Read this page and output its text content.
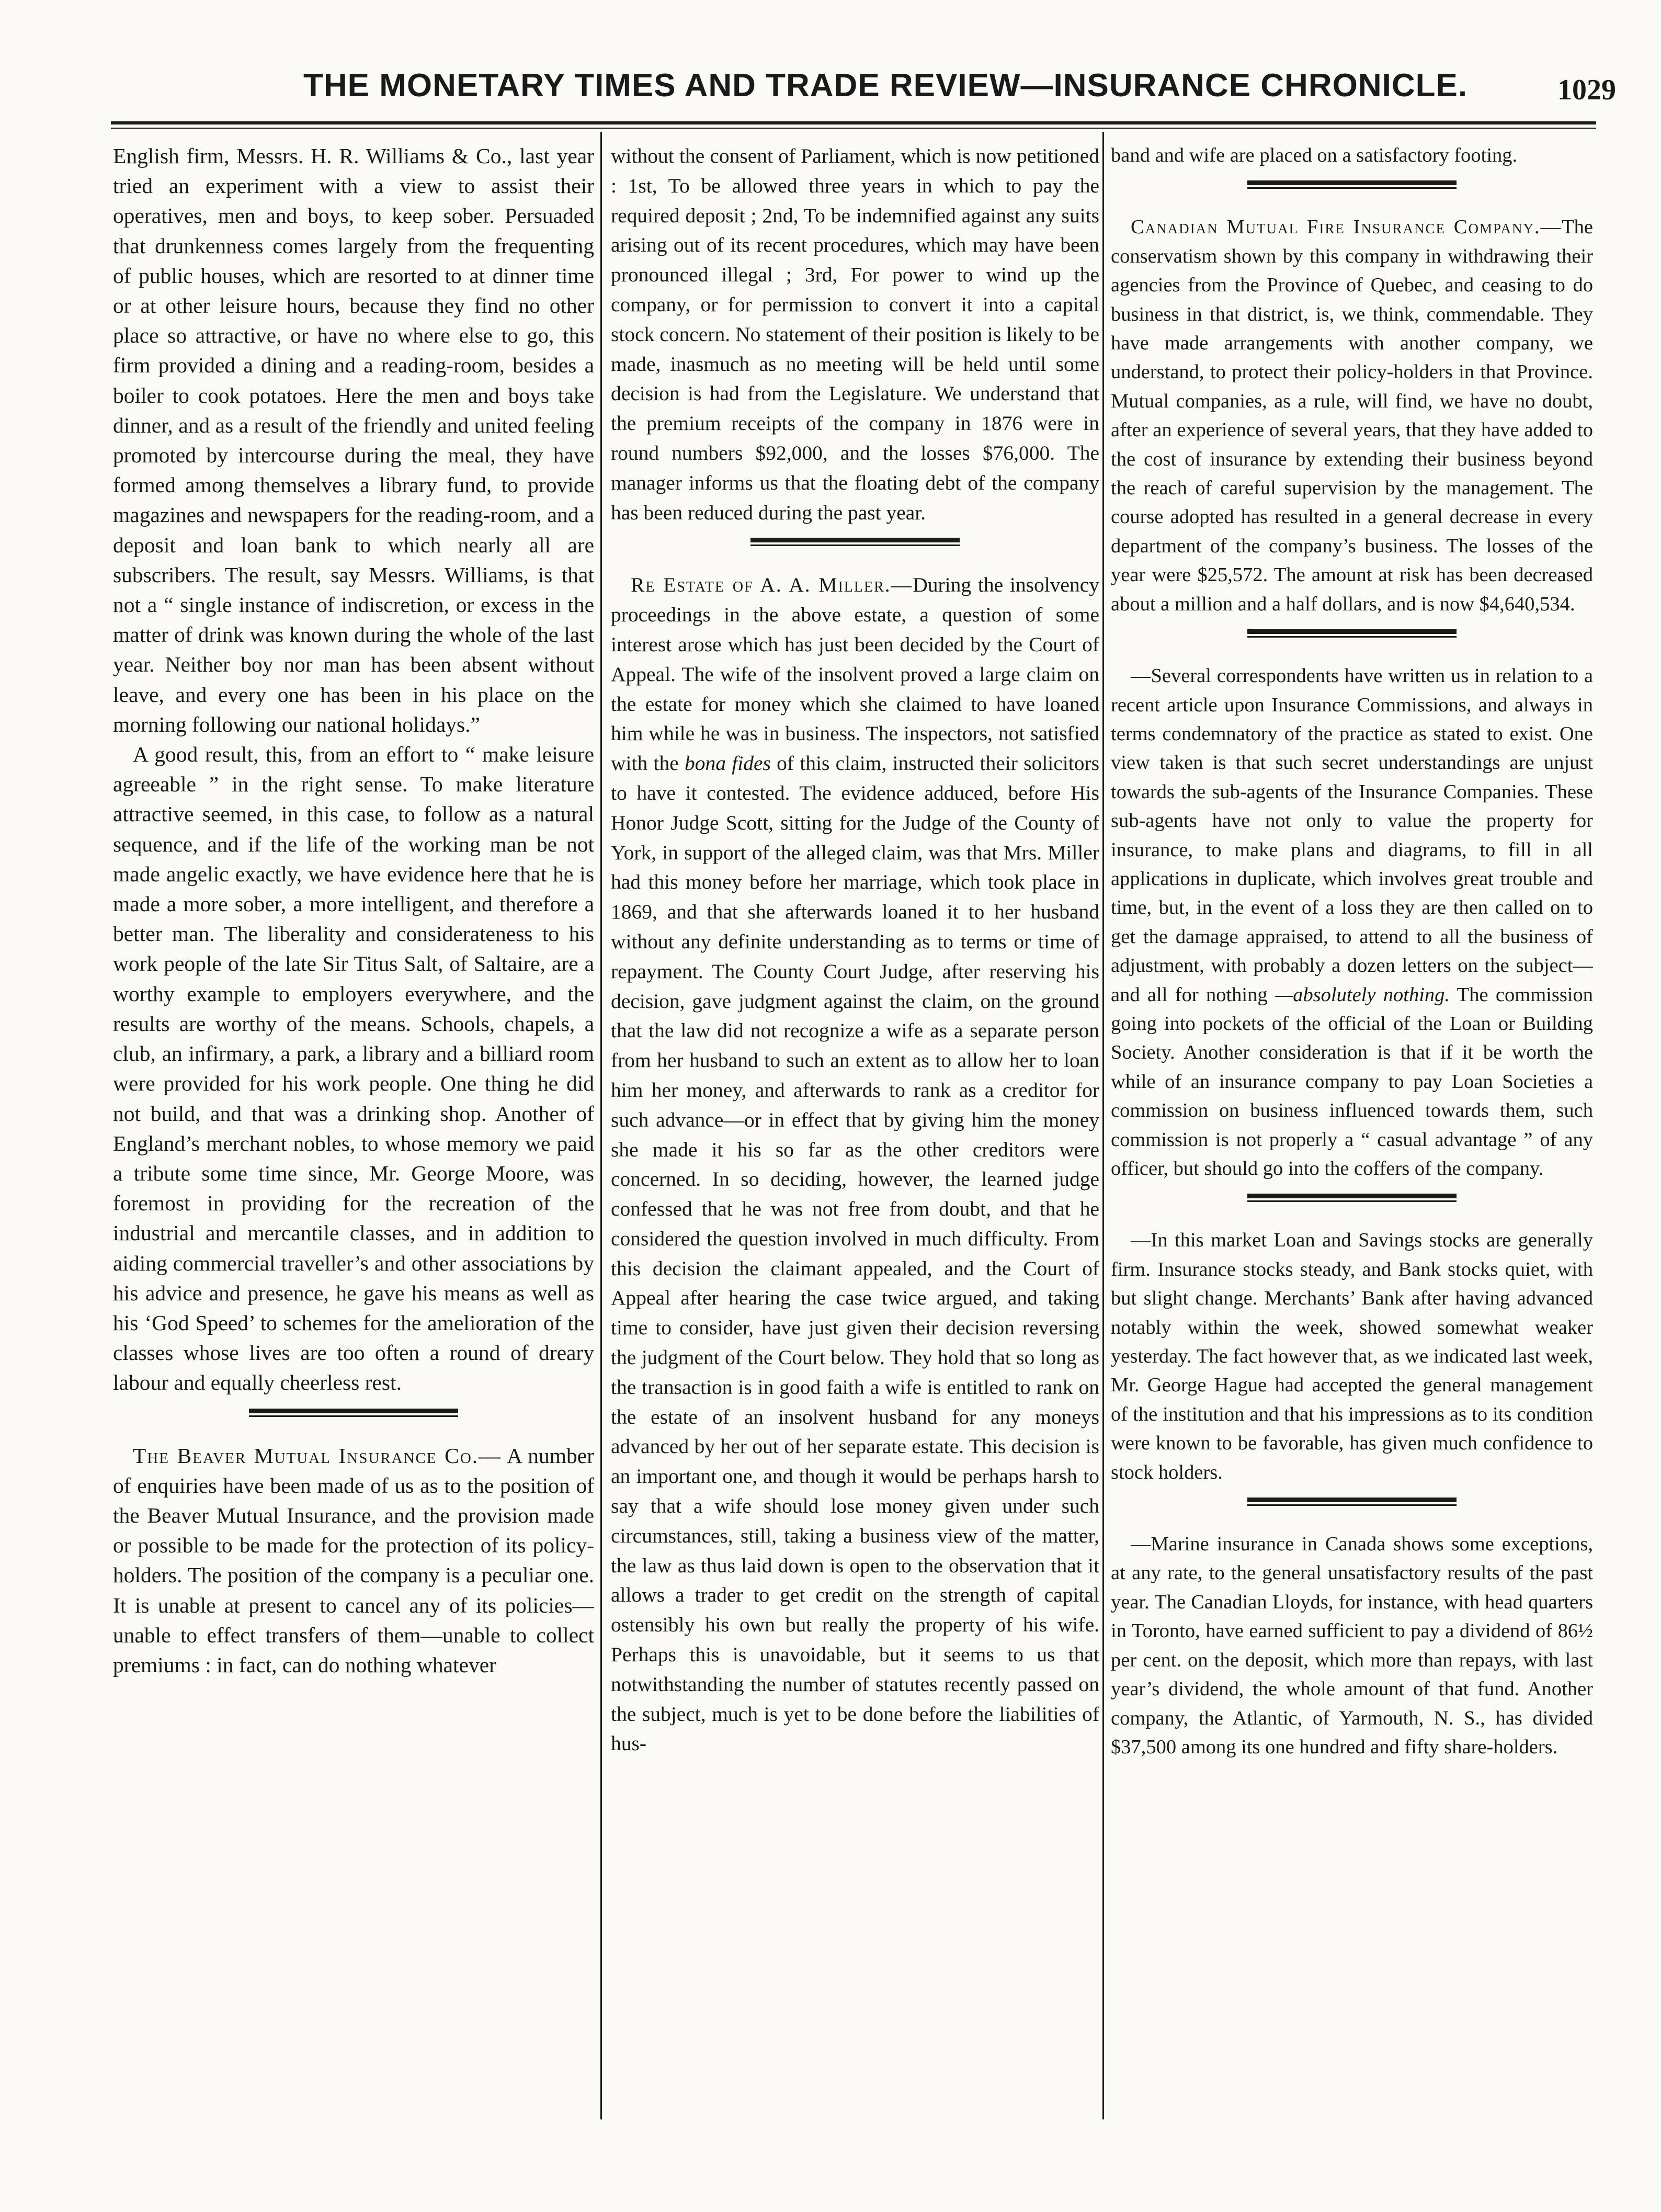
THE MONETARY TIMES AND TRADE REVIEW—INSURANCE CHRONICLE.	1029

English firm, Messrs. H. R. Williams & Co., last year tried an experiment with a view to assist their operatives, men and boys, to keep sober. Persuaded that drunkenness comes largely from the frequenting of public houses, which are resorted to at dinner time or at other leisure hours, because they find no other place so attractive, or have no where else to go, this firm provided a dining and a reading-room, besides a boiler to cook potatoes. Here the men and boys take dinner, and as a result of the friendly and united feeling promoted by intercourse during the meal, they have formed among themselves a library fund, to provide magazines and newspapers for the reading-room, and a deposit and loan bank to which nearly all are subscribers. The result, say Messrs. Williams, is that not a “ single instance of indiscretion, or excess in the matter of drink was known during the whole of the last year. Neither boy nor man has been absent without leave, and every one has been in his place on the morning following our national holidays.”

A good result, this, from an effort to “ make leisure agreeable ” in the right sense. To make literature attractive seemed, in this case, to follow as a natural sequence, and if the life of the working man be not made angelic exactly, we have evidence here that he is made a more sober, a more intelligent, and therefore a better man. The liberality and considerateness to his work people of the late Sir Titus Salt, of Saltaire, are a worthy example to employers everywhere, and the results are worthy of the means. Schools, chapels, a club, an infirmary, a park, a library and a billiard room were provided for his work people. One thing he did not build, and that was a drinking shop. Another of England’s merchant nobles, to whose memory we paid a tribute some time since, Mr. George Moore, was foremost in providing for the recreation of the industrial and mercantile classes, and in addition to aiding commercial traveller’s and other associations by his advice and presence, he gave his means as well as his ‘God Speed’ to schemes for the amelioration of the classes whose lives are too often a round of dreary labour and equally cheerless rest.

The Beaver Mutual Insurance Co.— A number of enquiries have been made of us as to the position of the Beaver Mutual Insurance, and the provision made or possible to be made for the protection of its policy-holders. The position of the company is a peculiar one. It is unable at present to cancel any of its policies—unable to effect transfers of them—unable to collect premiums : in fact, can do nothing whatever

without the consent of Parliament, which is now petitioned : 1st, To be allowed three years in which to pay the required deposit ; 2nd, To be indemnified against any suits arising out of its recent procedures, which may have been pronounced illegal ; 3rd, For power to wind up the company, or for permission to convert it into a capital stock concern. No statement of their position is likely to be made, inasmuch as no meeting will be held until some decision is had from the Legislature. We understand that the premium receipts of the company in 1876 were in round numbers $92,000, and the losses $76,000. The manager informs us that the floating debt of the company has been reduced during the past year.

Re Estate of A. A. Miller.—During the insolvency proceedings in the above estate, a question of some interest arose which has just been decided by the Court of Appeal. The wife of the insolvent proved a large claim on the estate for money which she claimed to have loaned him while he was in business. The inspectors, not satisfied with the bona fides of this claim, instructed their solicitors to have it contested. The evidence adduced, before His Honor Judge Scott, sitting for the Judge of the County of York, in support of the alleged claim, was that Mrs. Miller had this money before her marriage, which took place in 1869, and that she afterwards loaned it to her husband without any definite understanding as to terms or time of repayment. The County Court Judge, after reserving his decision, gave judgment against the claim, on the ground that the law did not recognize a wife as a separate person from her husband to such an extent as to allow her to loan him her money, and afterwards to rank as a creditor for such advance—or in effect that by giving him the money she made it his so far as the other creditors were concerned. In so deciding, however, the learned judge confessed that he was not free from doubt, and that he considered the question involved in much difficulty. From this decision the claimant appealed, and the Court of Appeal after hearing the case twice argued, and taking time to consider, have just given their decision reversing the judgment of the Court below. They hold that so long as the transaction is in good faith a wife is entitled to rank on the estate of an insolvent husband for any moneys advanced by her out of her separate estate. This decision is an important one, and though it would be perhaps harsh to say that a wife should lose money given under such circumstances, still, taking a business view of the matter, the law as thus laid down is open to the observation that it allows a trader to get credit on the strength of capital ostensibly his own but really the property of his wife. Perhaps this is unavoidable, but it seems to us that notwithstanding the number of statutes recently passed on the subject, much is yet to be done before the liabilities of hus-

band and wife are placed on a satisfactory footing.

Canadian Mutual Fire Insurance Company.—The conservatism shown by this company in withdrawing their agencies from the Province of Quebec, and ceasing to do business in that district, is, we think, commendable. They have made arrangements with another company, we understand, to protect their policy-holders in that Province. Mutual companies, as a rule, will find, we have no doubt, after an experience of several years, that they have added to the cost of insurance by extending their business beyond the reach of careful supervision by the management. The course adopted has resulted in a general decrease in every department of the company’s business. The losses of the year were $25,572. The amount at risk has been decreased about a million and a half dollars, and is now $4,640,534.

—Several correspondents have written us in relation to a recent article upon Insurance Commissions, and always in terms condemnatory of the practice as stated to exist. One view taken is that such secret understandings are unjust towards the sub-agents of the Insurance Companies. These sub-agents have not only to value the property for insurance, to make plans and diagrams, to fill in all applications in duplicate, which involves great trouble and time, but, in the event of a loss they are then called on to get the damage appraised, to attend to all the business of adjustment, with probably a dozen letters on the subject—and all for nothing —absolutely nothing. The commission going into pockets of the official of the Loan or Building Society. Another consideration is that if it be worth the while of an insurance company to pay Loan Societies a commission on business influenced towards them, such commission is not properly a “ casual advantage ” of any officer, but should go into the coffers of the company.

—In this market Loan and Savings stocks are generally firm. Insurance stocks steady, and Bank stocks quiet, with but slight change. Merchants’ Bank after having advanced notably within the week, showed somewhat weaker yesterday. The fact however that, as we indicated last week, Mr. George Hague had accepted the general management of the institution and that his impressions as to its condition were known to be favorable, has given much confidence to stock holders.

—Marine insurance in Canada shows some exceptions, at any rate, to the general unsatisfactory results of the past year. The Canadian Lloyds, for instance, with head quarters in Toronto, have earned sufficient to pay a dividend of 86½ per cent. on the deposit, which more than repays, with last year’s dividend, the whole amount of that fund. Another company, the Atlantic, of Yarmouth, N. S., has divided $37,500 among its one hundred and fifty share-holders.
